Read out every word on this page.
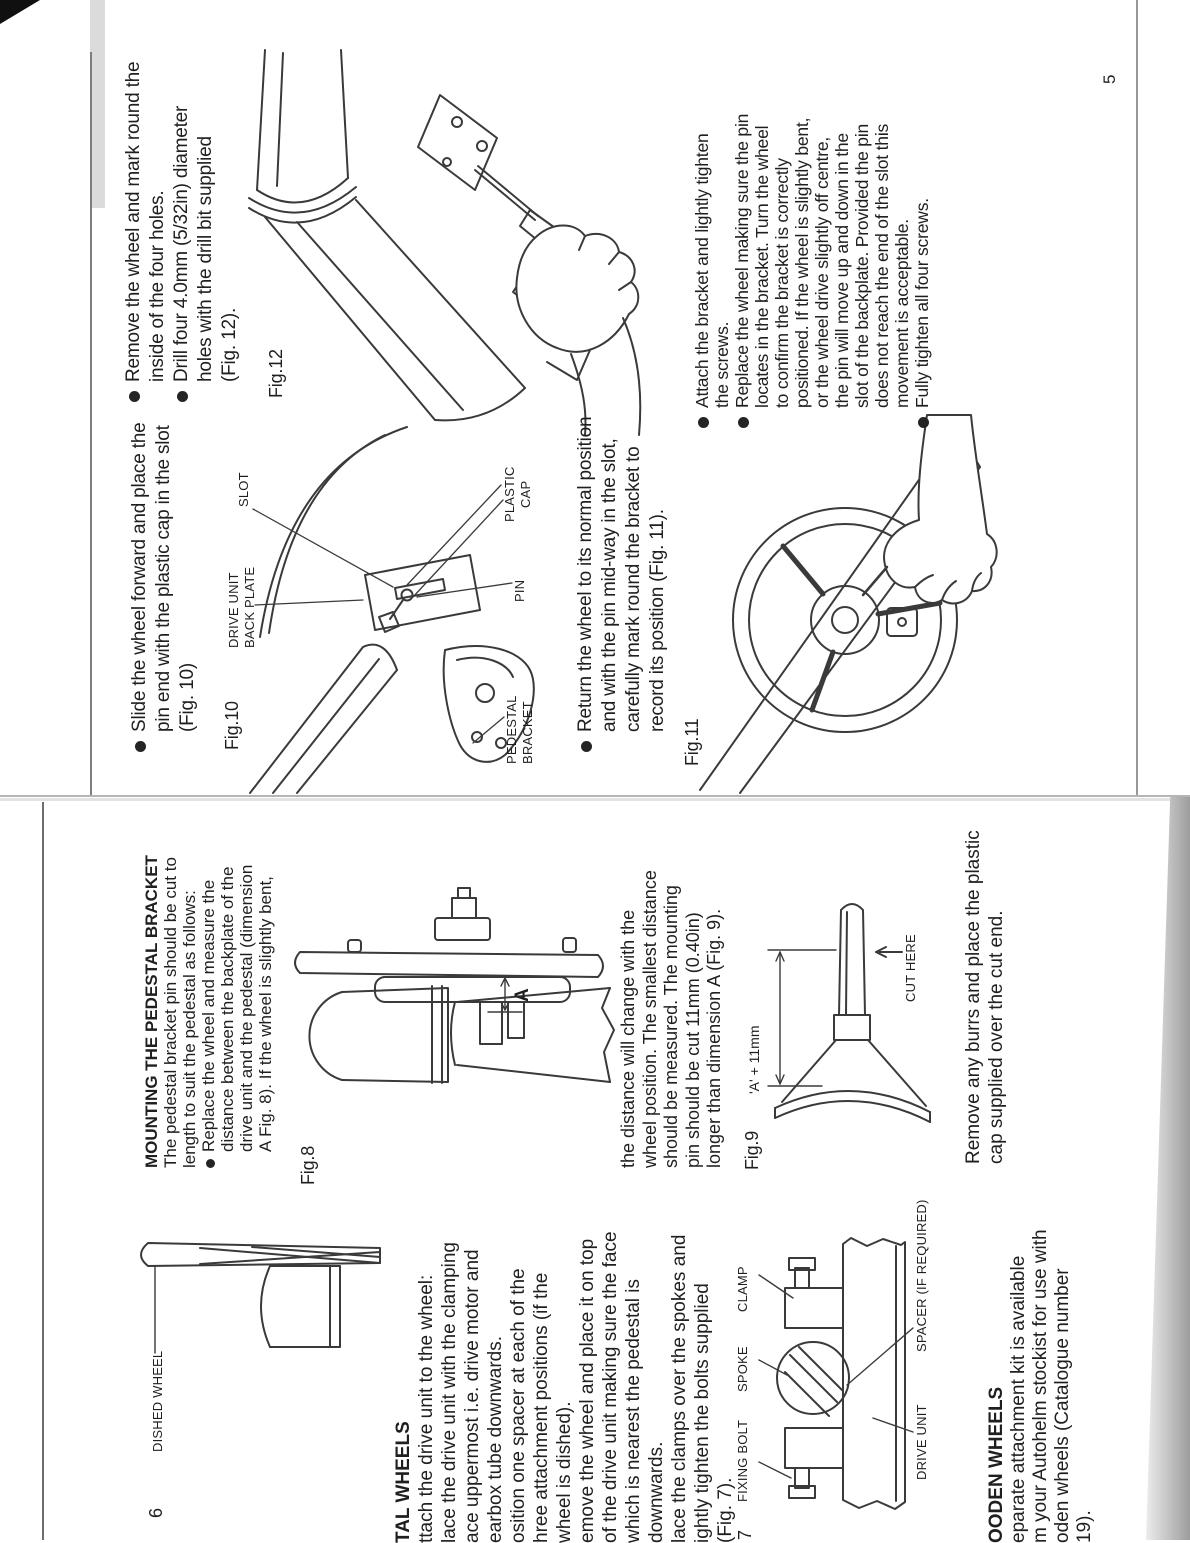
A
Remove the wheel and mark round the inside of the four holes. Drill four 4.0mm (5/32in) diameter holes with the drill bit supplied (Fig. 12). Fig.12
Slide the wheel forward and place the pin end with the plastic cap in the slot (Fig. 10) Fig.10
DRIVE UNIT BACK PLATE
SLOT	PLASTIC CAP
PIN
PEDESTAL BRACKET
Return the wheel to its normal position and with the pin mid-way in the slot, carefully mark round the bracket to record its position (Fig. 11).
Fig.11
Attach the bracket and lightly tighten the screws. Replace the wheel making sure the pin locates in the bracket. Turn the wheel to confirm the bracket is correctly positioned. If the wheel is slightly bent, or the wheel drive slightly off centre, the pin will move up and down in the slot of the backplate. Provided the pin does not reach the end of the slot this movement is acceptable. Fully tighten all four screws.
5
MOUNTING THE PEDESTAL BRACKET The pedestal bracket pin should be cut to length to suit the pedestal as follows: Replace the wheel and measure the distance between the backplate of the drive unit and the pedestal (dimension A Fig. 8). If the wheel is slightly bent,
Fig.8	the distance will change with the wheel position. The smallest distance should be measured. The mounting pin should be cut 11mm (0.40in) longer than dimension A (Fig. 9). 'A' + 11mm
CUT HERE
Fig.9	Remove any burrs and place the plastic cap supplied over the cut end.
DISHED WHEEL
6	TAL WHEELS ttach the drive unit to the wheel: lace the drive unit with the clamping ace uppermost i.e. drive motor and earbox tube downwards. osition one spacer at each of the hree attachment positions (if the wheel is dished). emove the wheel and place it on top of the drive unit making sure the face which is nearest the pedestal is downwards. lace the clamps over the spokes and ightly tighten the bolts supplied (Fig. 7).
CLAMP
SPOKE
FIXING BOLT
SPACER (IF REQUIRED)
DRIVE UNIT
7	OODEN WHEELS eparate attachment kit is available m your Autohelm stockist for use with oden wheels (Catalogue number 19).
